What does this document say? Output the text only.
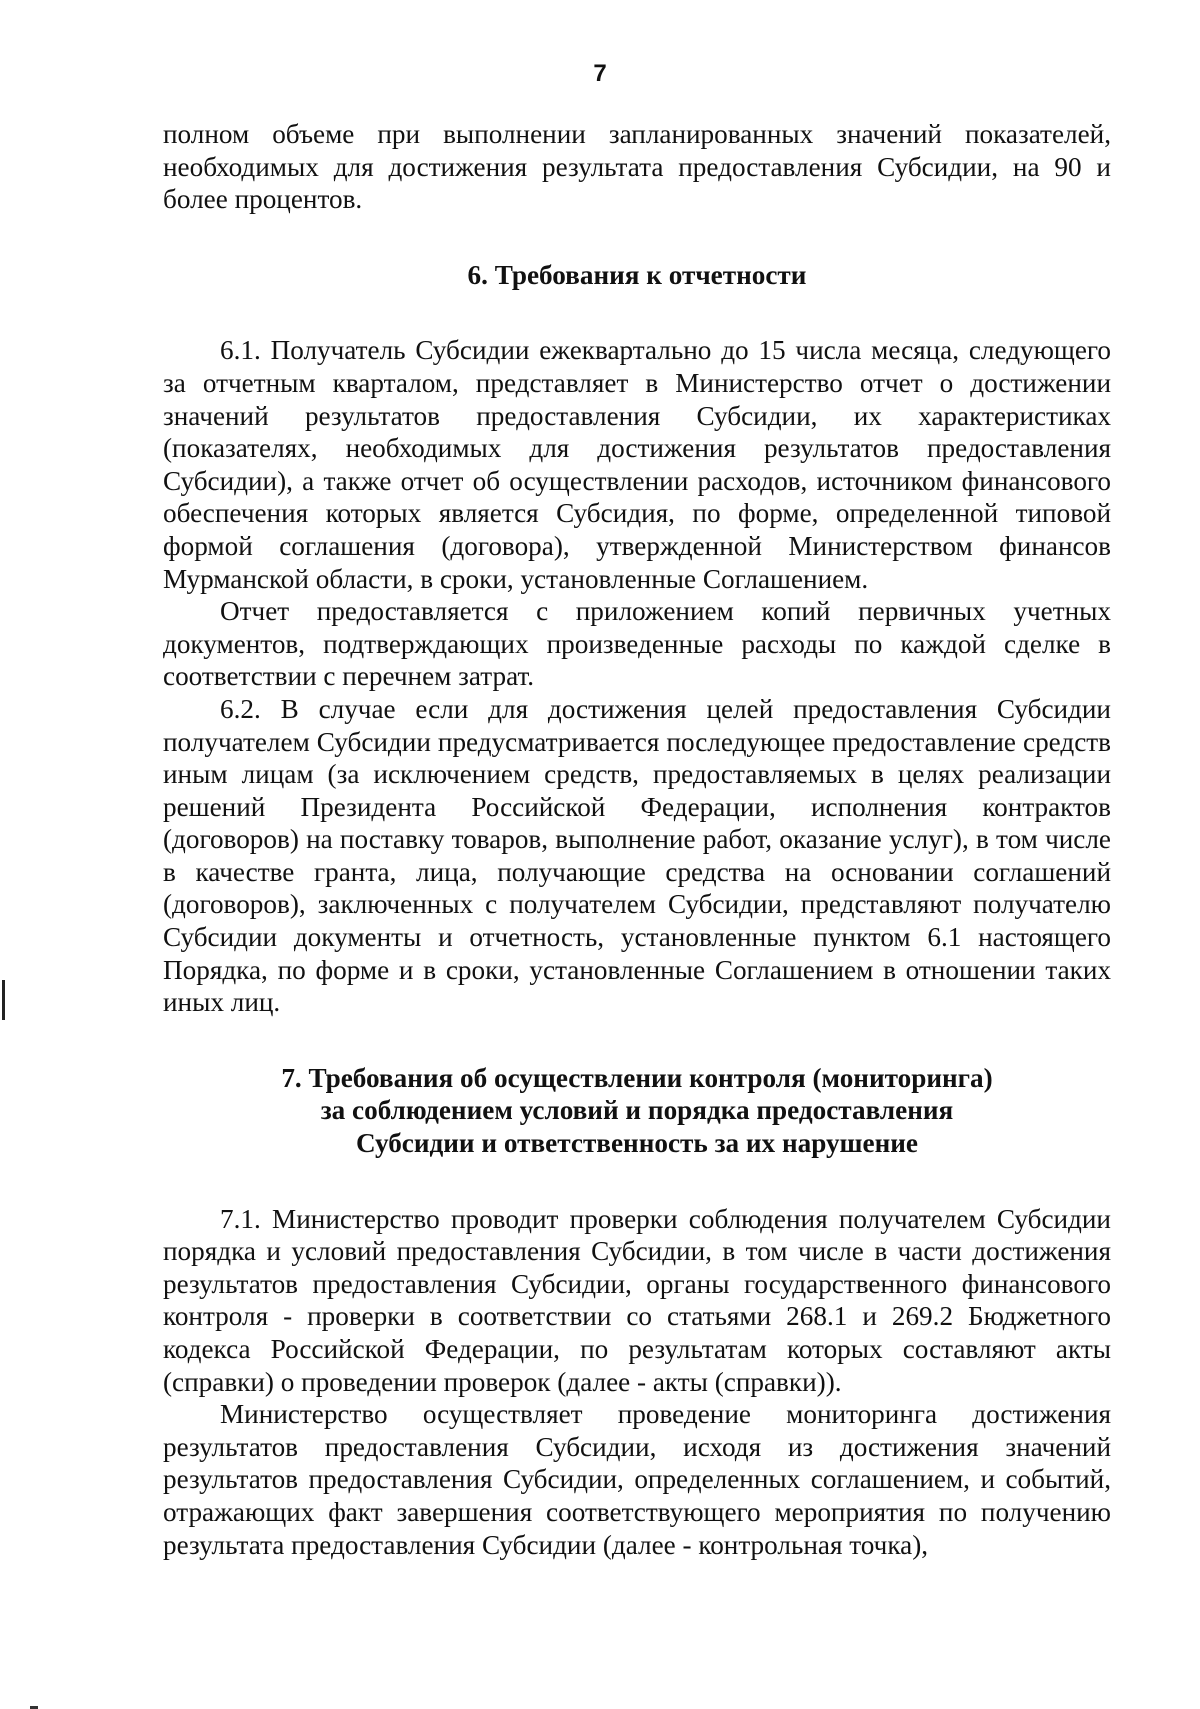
7

полном объеме при выполнении запланированных значений показателей, необходимых для достижения результата предоставления Субсидии, на 90 и более процентов.

6. Требования к отчетности

6.1. Получатель Субсидии ежеквартально до 15 числа месяца, следующего за отчетным кварталом, представляет в Министерство отчет о достижении значений результатов предоставления Субсидии, их характеристиках (показателях, необходимых для достижения результатов предоставления Субсидии), а также отчет об осуществлении расходов, источником финансового обеспечения которых является Субсидия, по форме, определенной типовой формой соглашения (договора), утвержденной Министерством финансов Мурманской области, в сроки, установленные Соглашением.

Отчет предоставляется с приложением копий первичных учетных документов, подтверждающих произведенные расходы по каждой сделке в соответствии с перечнем затрат.

6.2. В случае если для достижения целей предоставления Субсидии получателем Субсидии предусматривается последующее предоставление средств иным лицам (за исключением средств, предоставляемых в целях реализации решений Президента Российской Федерации, исполнения контрактов (договоров) на поставку товаров, выполнение работ, оказание услуг), в том числе в качестве гранта, лица, получающие средства на основании соглашений (договоров), заключенных с получателем Субсидии, представляют получателю Субсидии документы и отчетность, установленные пунктом 6.1 настоящего Порядка, по форме и в сроки, установленные Соглашением в отношении таких иных лиц.

7. Требования об осуществлении контроля (мониторинга)
за соблюдением условий и порядка предоставления
Субсидии и ответственность за их нарушение

7.1. Министерство проводит проверки соблюдения получателем Субсидии порядка и условий предоставления Субсидии, в том числе в части достижения результатов предоставления Субсидии, органы государственного финансового контроля - проверки в соответствии со статьями 268.1 и 269.2 Бюджетного кодекса Российской Федерации, по результатам которых составляют акты (справки) о проведении проверок (далее - акты (справки)).

Министерство осуществляет проведение мониторинга достижения результатов предоставления Субсидии, исходя из достижения значений результатов предоставления Субсидии, определенных соглашением, и событий, отражающих факт завершения соответствующего мероприятия по получению результата предоставления Субсидии (далее - контрольная точка),
